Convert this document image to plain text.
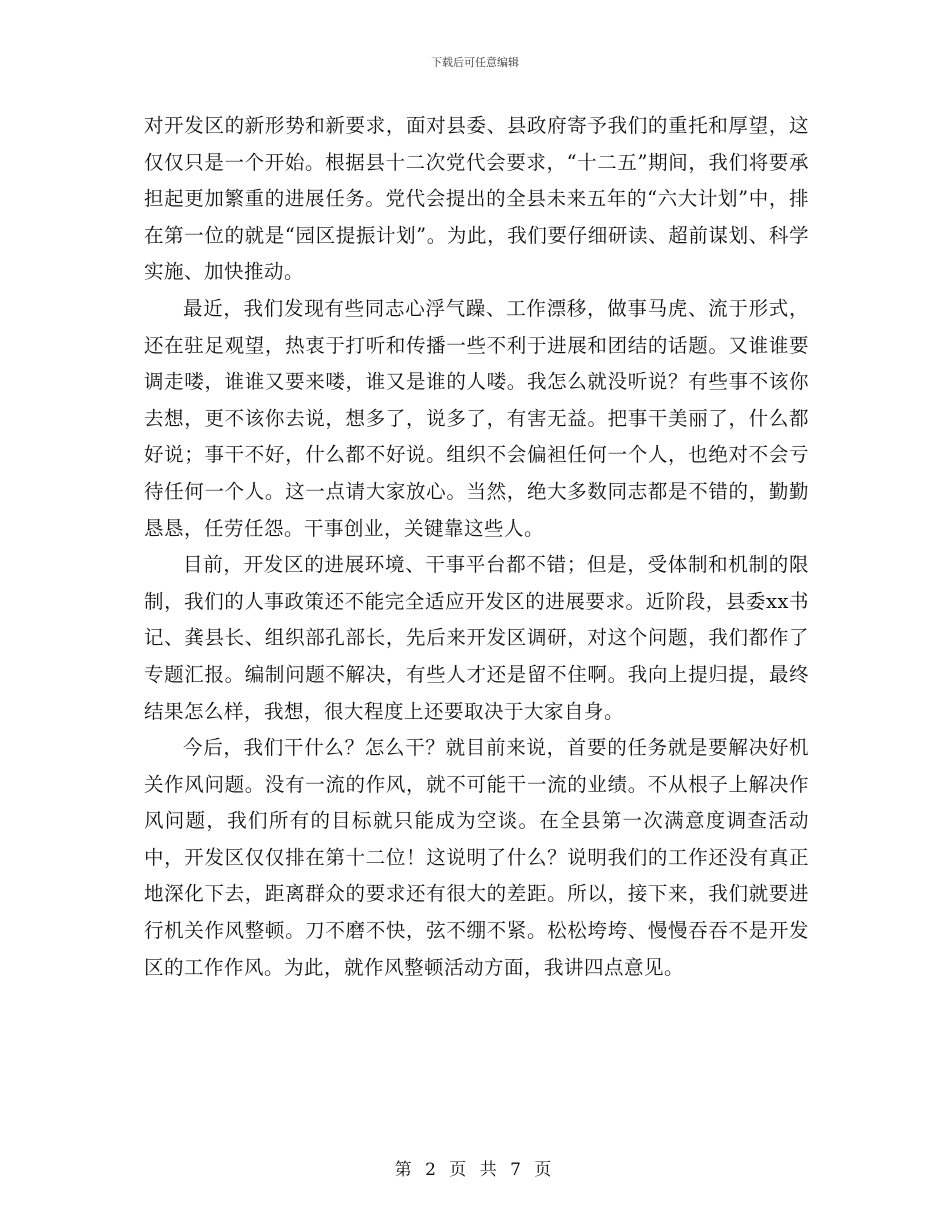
下载后可任意编辑

对开发区的新形势和新要求，面对县委、县政府寄予我们的重托和厚望，这仅仅只是一个开始。根据县十二次党代会要求，“十二五”期间，我们将要承担起更加繁重的进展任务。党代会提出的全县未来五年的“六大计划”中，排在第一位的就是“园区提振计划”。为此，我们要仔细研读、超前谋划、科学实施、加快推动。

最近，我们发现有些同志心浮气躁、工作漂移，做事马虎、流于形式，还在驻足观望，热衷于打听和传播一些不利于进展和团结的话题。又谁谁要调走喽，谁谁又要来喽，谁又是谁的人喽。我怎么就没听说？有些事不该你去想，更不该你去说，想多了，说多了，有害无益。把事干美丽了，什么都好说；事干不好，什么都不好说。组织不会偏袒任何一个人，也绝对不会亏待任何一个人。这一点请大家放心。当然，绝大多数同志都是不错的，勤勤恳恳，任劳任怨。干事创业，关键靠这些人。

目前，开发区的进展环境、干事平台都不错；但是，受体制和机制的限制，我们的人事政策还不能完全适应开发区的进展要求。近阶段，县委xx书记、龚县长、组织部孔部长，先后来开发区调研，对这个问题，我们都作了专题汇报。编制问题不解决，有些人才还是留不住啊。我向上提归提，最终结果怎么样，我想，很大程度上还要取决于大家自身。

今后，我们干什么？怎么干？就目前来说，首要的任务就是要解决好机关作风问题。没有一流的作风，就不可能干一流的业绩。不从根子上解决作风问题，我们所有的目标就只能成为空谈。在全县第一次满意度调查活动中，开发区仅仅排在第十二位！这说明了什么？说明我们的工作还没有真正地深化下去，距离群众的要求还有很大的差距。所以，接下来，我们就要进行机关作风整顿。刀不磨不快，弦不绷不紧。松松垮垮、慢慢吞吞不是开发区的工作作风。为此，就作风整顿活动方面，我讲四点意见。

第 2 页 共 7 页
